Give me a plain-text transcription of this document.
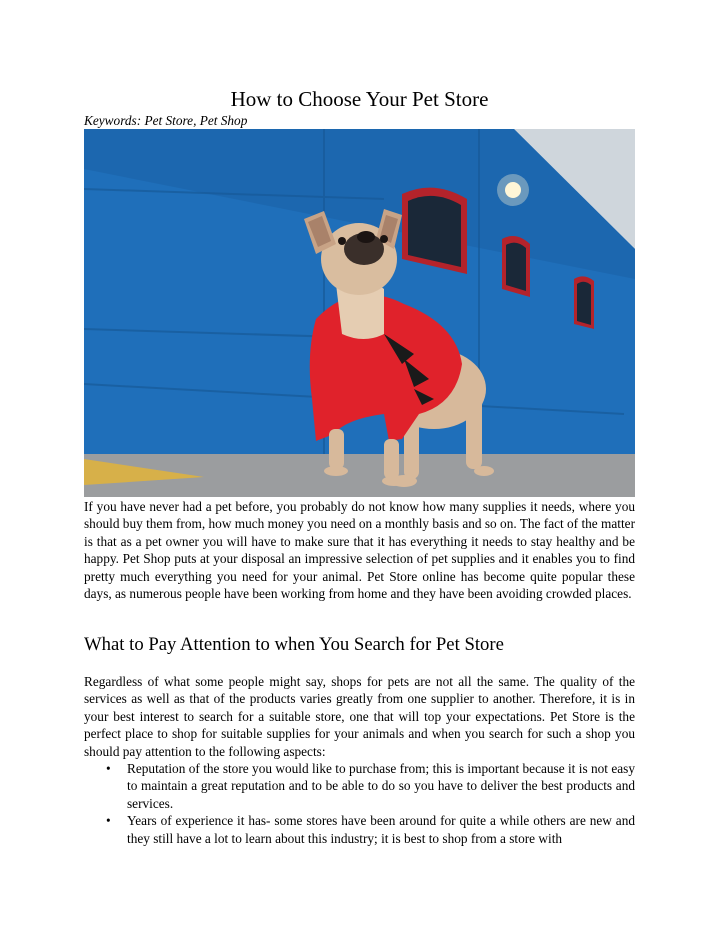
How to Choose Your Pet Store
Keywords: Pet Store, Pet Shop

If you have never had a pet before, you probably do not know how many supplies it needs, where you should buy them from, how much money you need on a monthly basis and so on. The fact of the matter is that as a pet owner you will have to make sure that it has everything it needs to stay healthy and be happy. Pet Shop puts at your disposal an impressive selection of pet supplies and it enables you to find pretty much everything you need for your animal. Pet Store online has become quite popular these days, as numerous people have been working from home and they have been avoiding crowded places.

What to Pay Attention to when You Search for Pet Store

Regardless of what some people might say, shops for pets are not all the same. The quality of the services as well as that of the products varies greatly from one supplier to another. Therefore, it is in your best interest to search for a suitable store, one that will top your expectations. Pet Store is the perfect place to shop for suitable supplies for your animals and when you search for such a shop you should pay attention to the following aspects:

• Reputation of the store you would like to purchase from; this is important because it is not easy to maintain a great reputation and to be able to do so you have to deliver the best products and services.
• Years of experience it has- some stores have been around for quite a while others are new and they still have a lot to learn about this industry; it is best to shop from a store with
